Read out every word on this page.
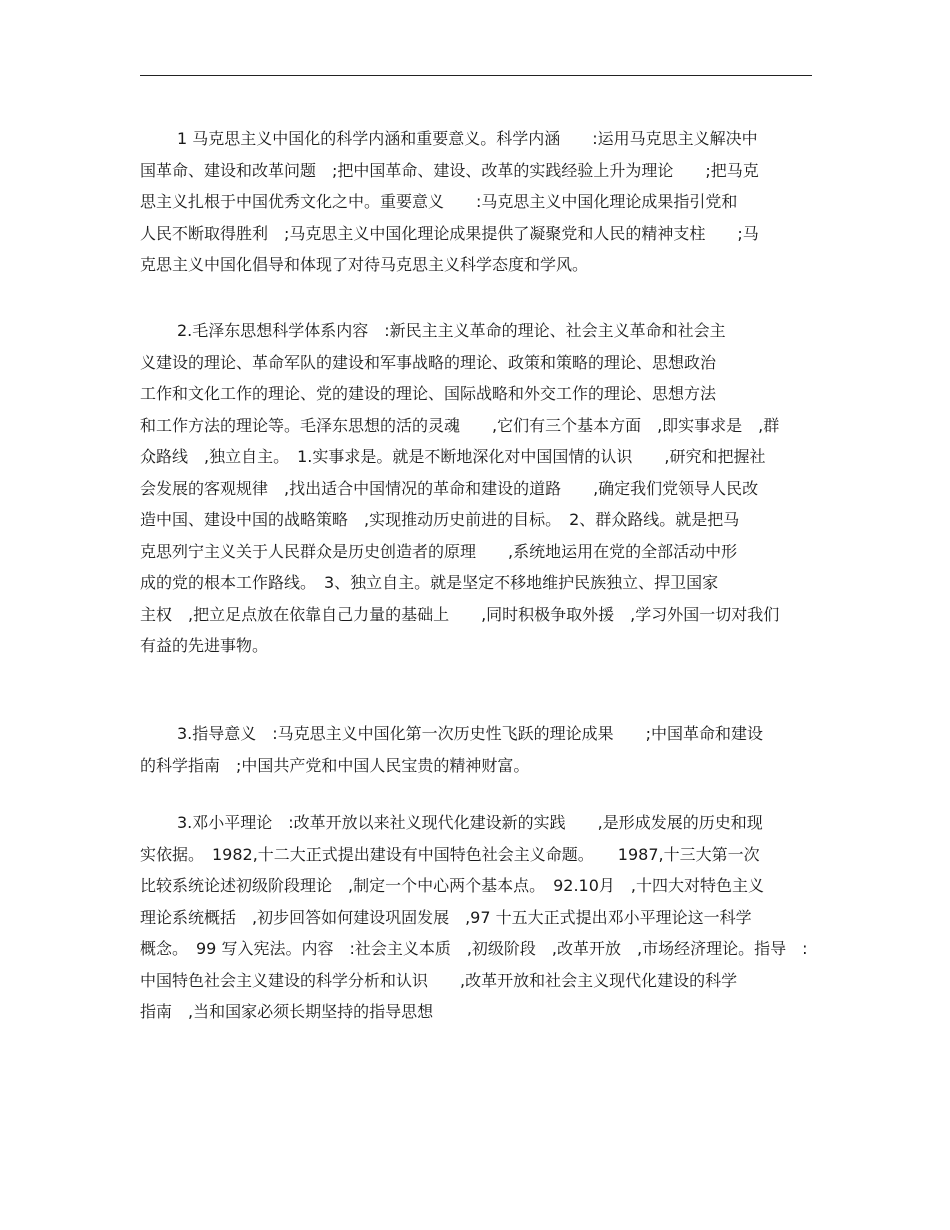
1 马克思主义中国化的科学内涵和重要意义。科学内涵　　:运用马克思主义解决中
国革命、建设和改革问题　;把中国革命、建设、改革的实践经验上升为理论　　;把马克
思主义扎根于中国优秀文化之中。重要意义　　:马克思主义中国化理论成果指引党和
人民不断取得胜利　;马克思主义中国化理论成果提供了凝聚党和人民的精神支柱　　;马
克思主义中国化倡导和体现了对待马克思主义科学态度和学风。
2.毛泽东思想科学体系内容　:新民主主义革命的理论、社会主义革命和社会主
义建设的理论、革命军队的建设和军事战略的理论、政策和策略的理论、思想政治
工作和文化工作的理论、党的建设的理论、国际战略和外交工作的理论、思想方法
和工作方法的理论等。毛泽东思想的活的灵魂　　,它们有三个基本方面　,即实事求是　,群
众路线　,独立自主。　1.实事求是。就是不断地深化对中国国情的认识　　,研究和把握社
会发展的客观规律　,找出适合中国情况的革命和建设的道路　　,确定我们党领导人民改
造中国、建设中国的战略策略　,实现推动历史前进的目标。　2、群众路线。就是把马
克思列宁主义关于人民群众是历史创造者的原理　　,系统地运用在党的全部活动中形
成的党的根本工作路线。　3、独立自主。就是坚定不移地维护民族独立、捍卫国家
主权　,把立足点放在依靠自己力量的基础上　　,同时积极争取外援　,学习外国一切对我们
有益的先进事物。
3.指导意义　:马克思主义中国化第一次历史性飞跃的理论成果　　;中国革命和建设
的科学指南　;中国共产党和中国人民宝贵的精神财富。
3.邓小平理论　:改革开放以来社义现代化建设新的实践　　,是形成发展的历史和现
实依据。　1982,十二大正式提出建设有中国特色社会主义命题。　　1987,十三大第一次
比较系统论述初级阶段理论　,制定一个中心两个基本点。　92.10月　,十四大对特色主义
理论系统概括　,初步回答如何建设巩固发展　,97 十五大正式提出邓小平理论这一科学
概念。　99 写入宪法。内容　:社会主义本质　,初级阶段　,改革开放　,市场经济理论。指导　:
中国特色社会主义建设的科学分析和认识　　,改革开放和社会主义现代化建设的科学
指南　,当和国家必须长期坚持的指导思想
